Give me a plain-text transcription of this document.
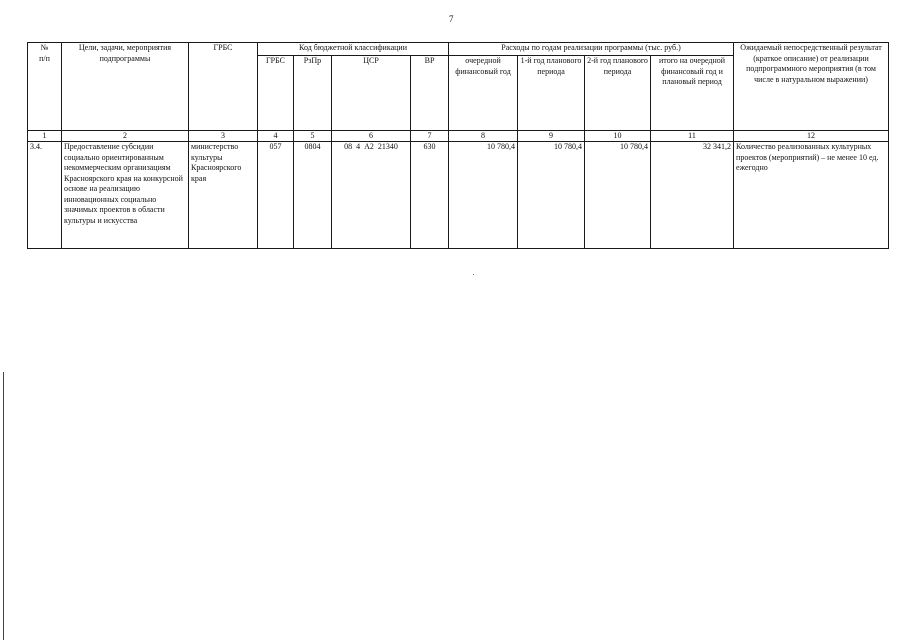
7
№
п/п	Цели, задачи, мероприятия подпрограммы	ГРБС	Код бюджетной классификации				Расходы по годам реализации программы (тыс. руб.)				Ожидаемый непосредственный результат (краткое описание) от реализации подпрограммного мероприятия (в том числе в натуральном выражении)
			ГРБС	РзПр	ЦСР	ВР	очередной финансовый год	1-й год планового периода	2-й год планового периода	итого на очередной финансовый год и плановый период	
1	2	3	4	5	6	7	8	9	10	11	12
3.4.	Предоставление субсидии социально ориентированным некоммерческим организациям Красноярского края на конкурсной основе на реализацию инновационных социально значимых проектов в области культуры и искусства	министерство культуры Красноярского края	057	0804	08  4  А2  21340	630	10 780,4	10 780,4	10 780,4	32 341,2	Количество реализованных культурных проектов (мероприятий) – не менее 10 ед. ежегодно
